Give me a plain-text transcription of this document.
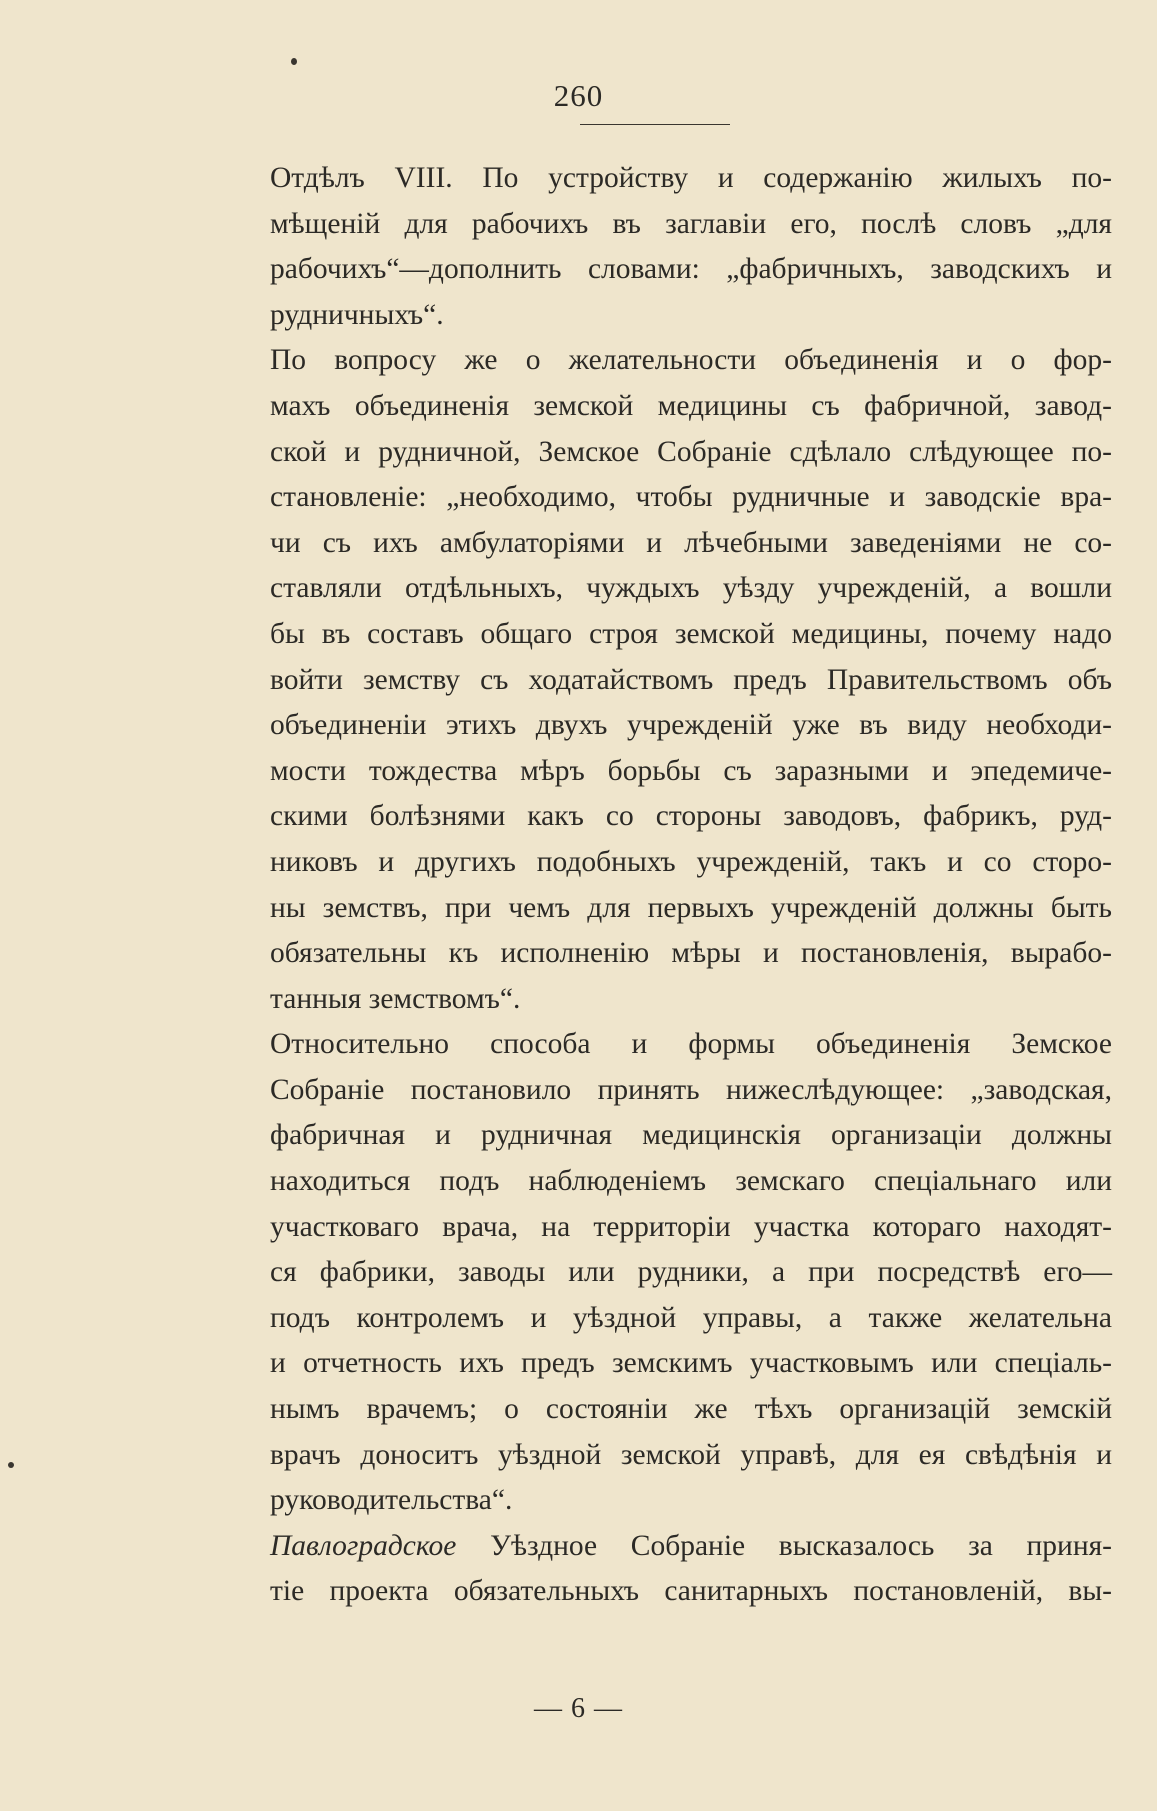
260

Отдѣлъ VIII. По устройству и содержанію жилыхъ по-
мѣщеній для рабочихъ въ заглавіи его, послѣ словъ „для
рабочихъ“—дополнить словами: „фабричныхъ, заводскихъ и
рудничныхъ“.

По вопросу же о желательности объединенія и о фор-
махъ объединенія земской медицины съ фабричной, завод-
ской и рудничной, Земское Собраніе сдѣлало слѣдующее по-
становленіе: „необходимо, чтобы рудничные и заводскіе вра-
чи съ ихъ амбулаторіями и лѣчебными заведеніями не со-
ставляли отдѣльныхъ, чуждыхъ уѣзду учрежденій, а вошли
бы въ составъ общаго строя земской медицины, почему надо
войти земству съ ходатайствомъ предъ Правительствомъ объ
объединеніи этихъ двухъ учрежденій уже въ виду необходи-
мости тождества мѣръ борьбы съ заразными и эпедемиче-
скими болѣзнями какъ со стороны заводовъ, фабрикъ, руд-
никовъ и другихъ подобныхъ учрежденій, такъ и со сторо-
ны земствъ, при чемъ для первыхъ учрежденій должны быть
обязательны къ исполненію мѣры и постановленія, вырабо-
танныя земствомъ“.

Относительно способа и формы объединенія Земское
Собраніе постановило принять нижеслѣдующее: „заводская,
фабричная и рудничная медицинскія организаціи должны
находиться подъ наблюденіемъ земскаго спеціальнаго или
участковаго врача, на территоріи участка котораго находят-
ся фабрики, заводы или рудники, а при посредствѣ его—
подъ контролемъ и уѣздной управы, а также желательна
и отчетность ихъ предъ земскимъ участковымъ или спеціаль-
нымъ врачемъ; о состояніи же тѣхъ организацій земскій
врачъ доноситъ уѣздной земской управѣ, для ея свѣдѣнія и
руководительства“.

Павлоградское Уѣздное Собраніе высказалось за приня-
тіе проекта обязательныхъ санитарныхъ постановленій, вы-

— 6 —
